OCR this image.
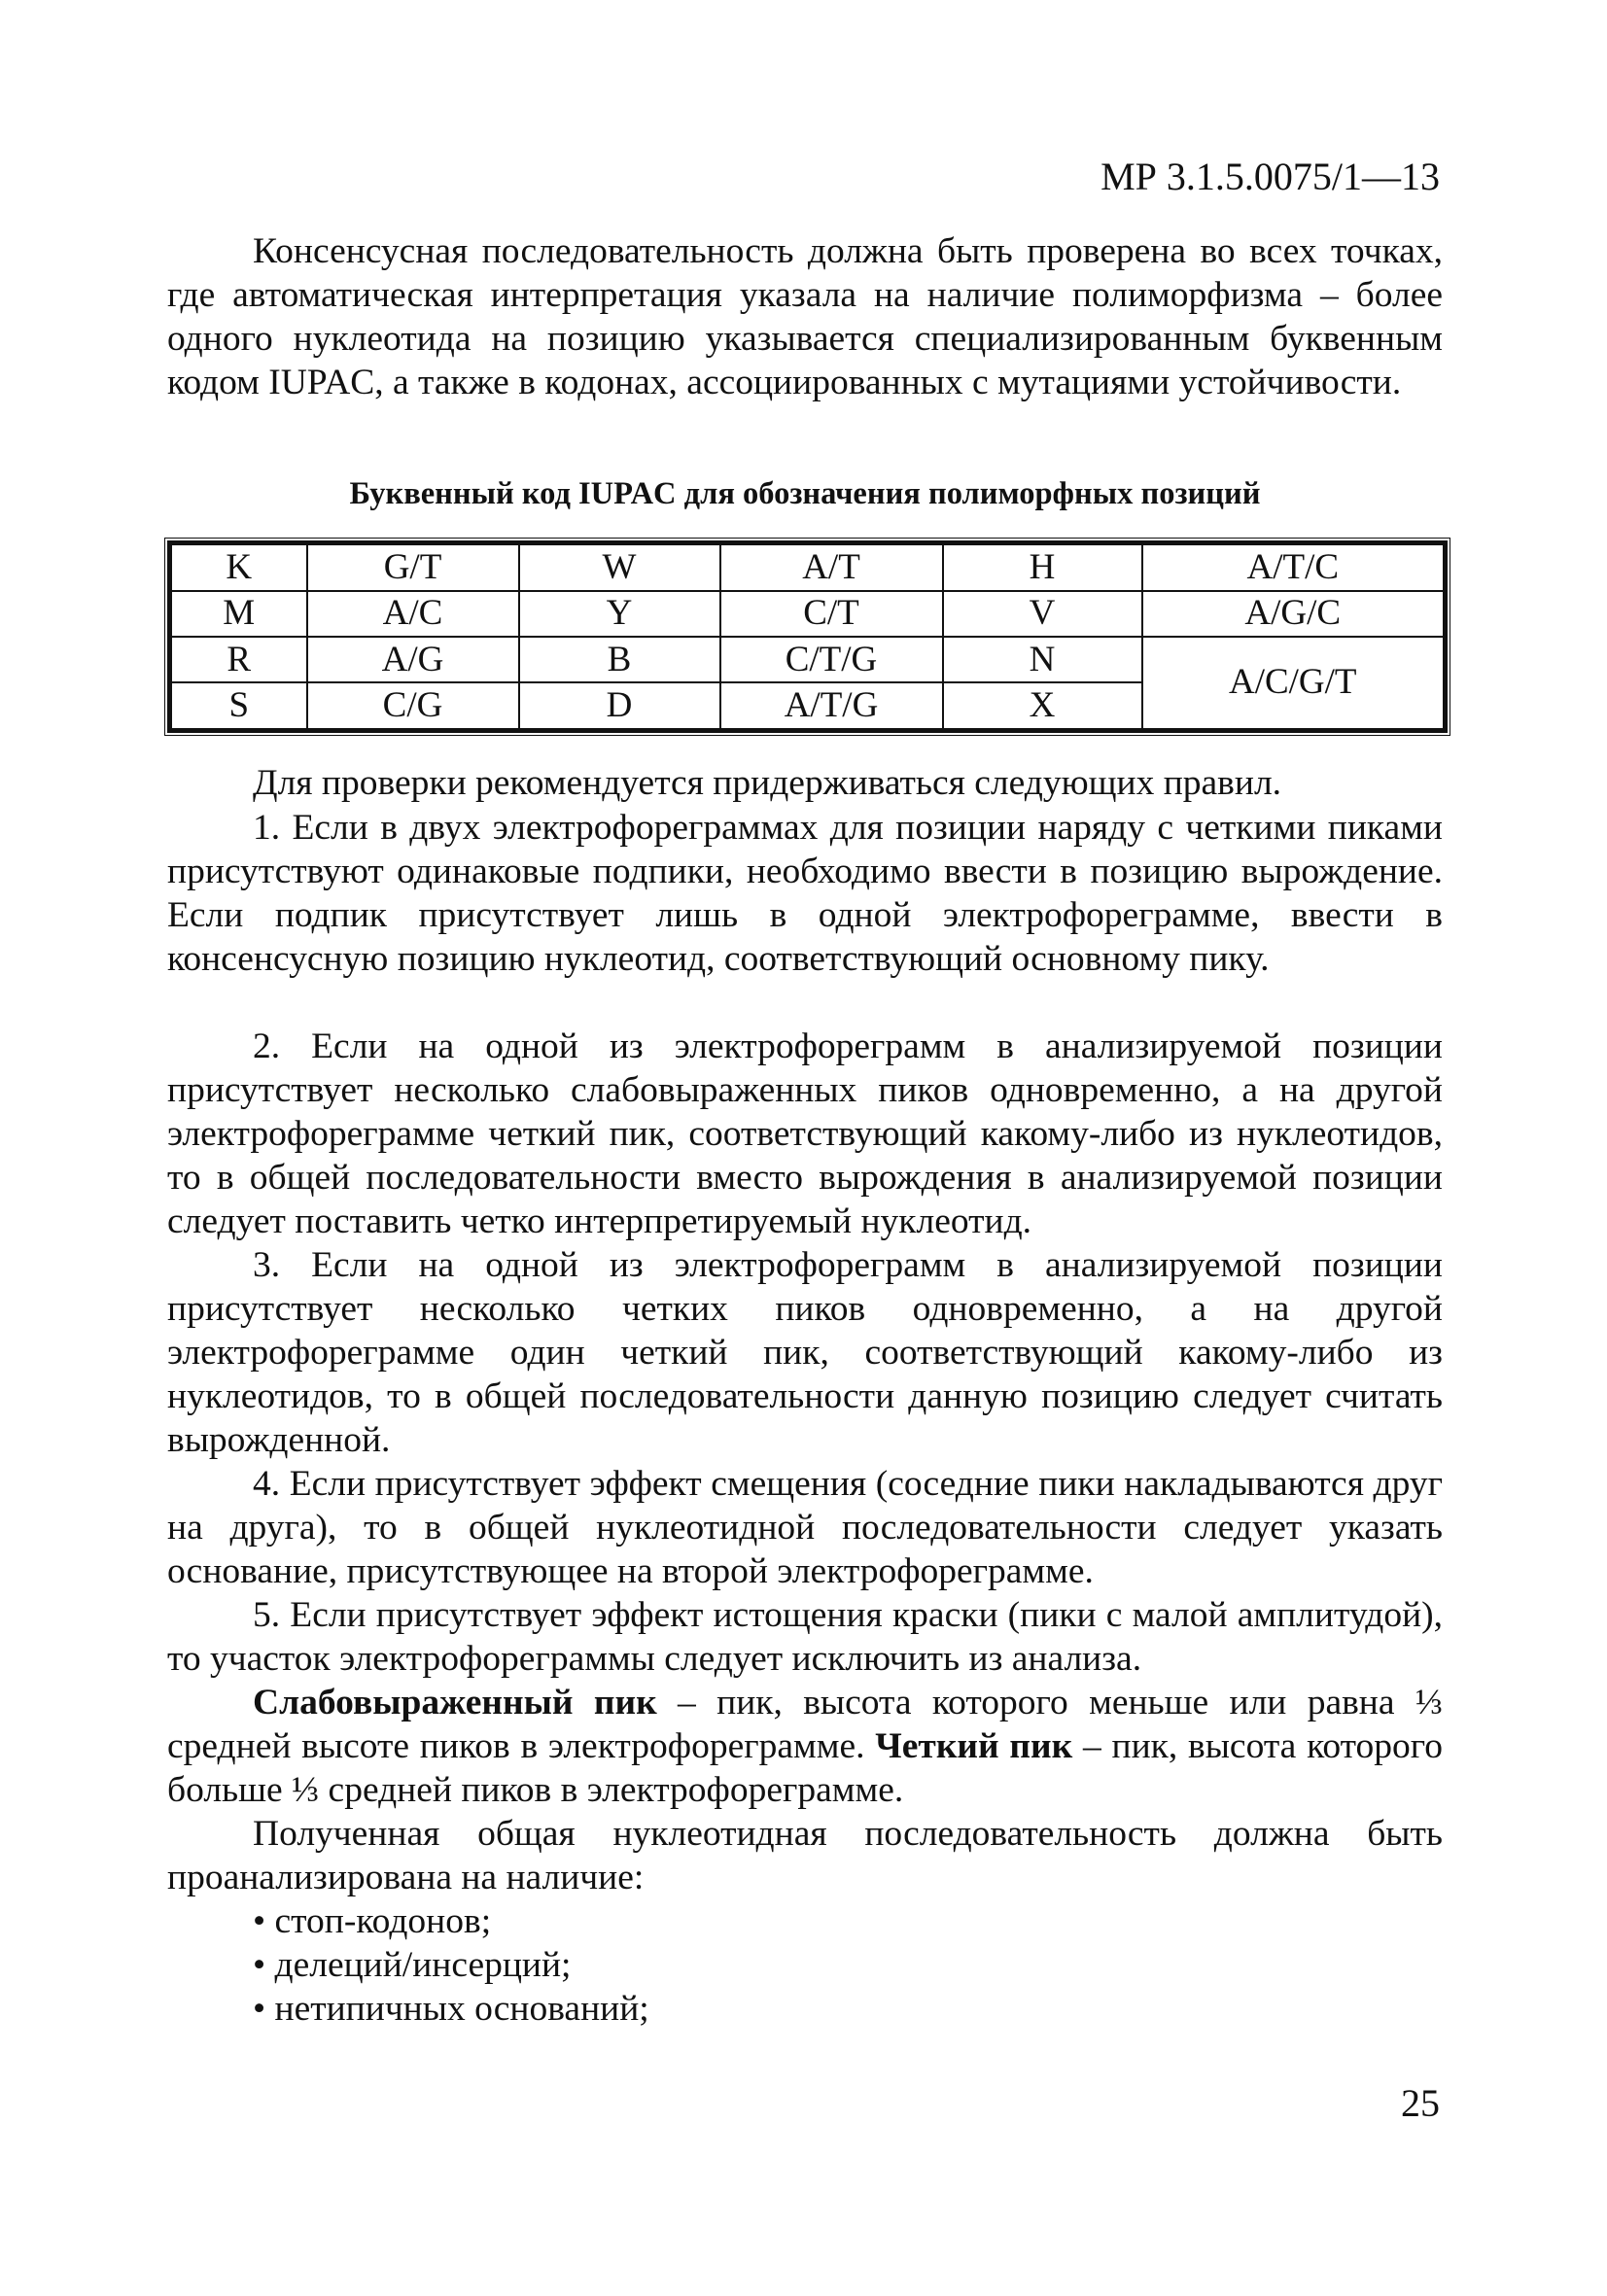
МР 3.1.5.0075/1—13

Консенсусная последовательность должна быть проверена во всех точках, где автоматическая интерпретация указала на наличие полиморфизма – более одного нуклеотида на позицию указывается специализированным буквенным кодом IUPAC, а также в кодонах, ассоциированных с мутациями устойчивости.

Буквенный код IUPAC для обозначения полиморфных позиций
K	G/T	W	A/T	H	A/T/C
M	A/C	Y	C/T	V	A/G/C
R	A/G	B	C/T/G	N	A/C/G/T
S	C/G	D	A/T/G	X	

Для проверки рекомендуется придерживаться следующих правил.

1. Если в двух электрофореграммах для позиции наряду с четкими пиками присутствуют одинаковые подпики, необходимо ввести в позицию вырождение. Если подпик присутствует лишь в одной электрофореграмме, ввести в консенсусную позицию нуклеотид, соответствующий основному пику.

2. Если на одной из электрофореграмм в анализируемой позиции присутствует несколько слабовыраженных пиков одновременно, а на другой электрофореграмме четкий пик, соответствующий какому-либо из нуклеотидов, то в общей последовательности вместо вырождения в анализируемой позиции следует поставить четко интерпретируемый нуклеотид.

3. Если на одной из электрофореграмм в анализируемой позиции присутствует несколько четких пиков одновременно, а на другой электрофореграмме один четкий пик, соответствующий какому-либо из нуклеотидов, то в общей последовательности данную позицию следует считать вырожденной.

4. Если присутствует эффект смещения (соседние пики накладываются друг на друга), то в общей нуклеотидной последовательности следует указать основание, присутствующее на второй электрофореграмме.

5. Если присутствует эффект истощения краски (пики с малой амплитудой), то участок электрофореграммы следует исключить из анализа.

Слабовыраженный пик – пик, высота которого меньше или равна ⅓ средней высоте пиков в электрофореграмме. Четкий пик – пик, высота которого больше ⅓ средней пиков в электрофореграмме.

Полученная общая нуклеотидная последовательность должна быть проанализирована на наличие:

• стоп-кодонов;
• делеций/инсерций;
• нетипичных оснований;
25
